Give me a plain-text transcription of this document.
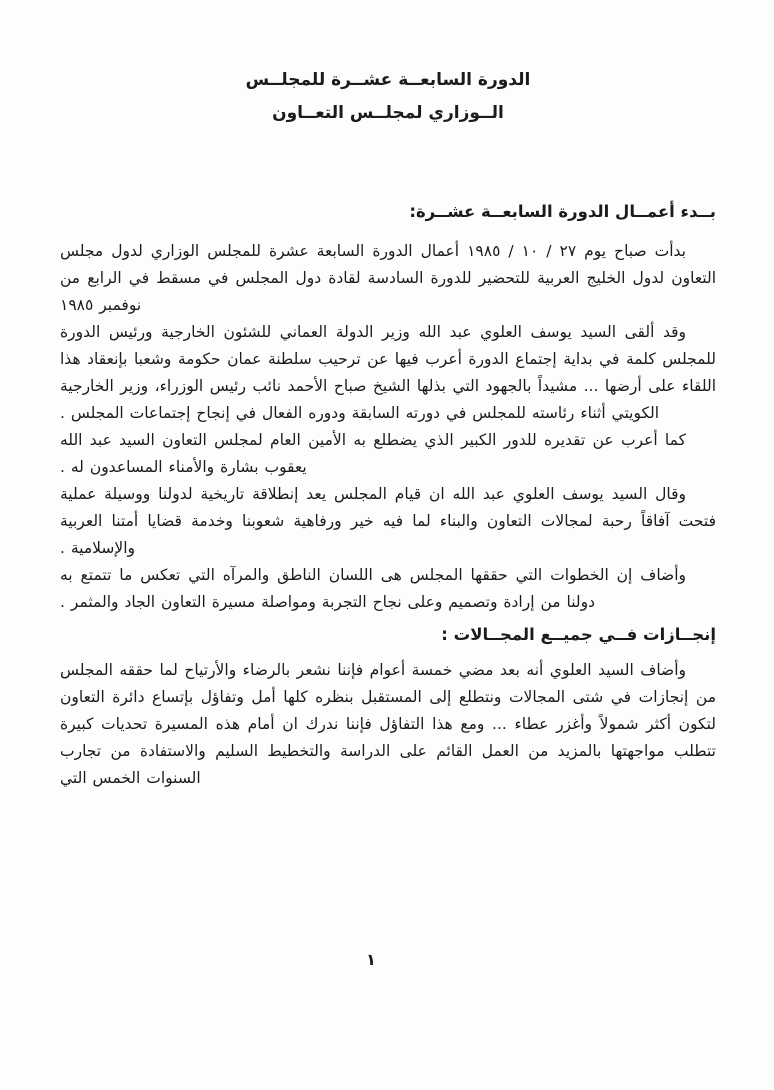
الدورة السابعــة عشــرة للمجلــس
الــوزاري لمجلــس التعــاون
بــدء أعمــال الدورة السابعــة عشــرة:

بدأت صباح يوم ٢٧ / ١٠ / ١٩٨٥ أعمال الدورة السابعة عشرة للمجلس الوزاري لدول مجلس التعاون لدول الخليج العربية للتحضير للدورة السادسة لقادة دول المجلس في مسقط في الرابع من نوفمبر ١٩٨٥

وقد ألقى السيد يوسف العلوي عبد الله وزير الدولة العماني للشئون الخارجية ورئيس الدورة للمجلس كلمة في بداية إجتماع الدورة أعرب فيها عن ترحيب سلطنة عمان حكومة وشعبا بإنعقاد هذا اللقاء على أرضها ... مشيداً بالجهود التي بذلها الشيخ صباح الأحمد نائب رئيس الوزراء، وزير الخارجية الكويتي أثناء رئاسته للمجلس في دورته السابقة ودوره الفعال في إنجاح إجتماعات المجلس .

كما أعرب عن تقديره للدور الكبير الذي يضطلع به الأمين العام لمجلس التعاون السيد عبد الله يعقوب بشارة والأمناء المساعدون له .

وقال السيد يوسف العلوي عبد الله ان قيام المجلس يعد إنطلاقة تاريخية لدولنا ووسيلة عملية فتحت آفاقاً رحبة لمجالات التعاون والبناء لما فيه خير ورفاهية شعوبنا وخدمة قضايا أمتنا العربية والإسلامية .

وأضاف إن الخطوات التي حققها المجلس هى اللسان الناطق والمرآه التي تعكس ما تتمتع به دولنا من إرادة وتصميم وعلى نجاح التجربة ومواصلة مسيرة التعاون الجاد والمثمر .

إنجــازات فــي جميــع المجــالات :

وأضاف السيد العلوي أنه بعد مضي خمسة أعوام فإننا نشعر بالرضاء والأرتياح لما حققه المجلس من إنجازات في شتى المجالات ونتطلع إلى المستقبل بنظره كلها أمل وتفاؤل بإتساع دائرة التعاون لتكون أكثر شمولاً وأغزر عطاء ... ومع هذا التفاؤل فإننا ندرك ان أمام هذه المسيرة تحديات كبيرة تتطلب مواجهتها بالمزيد من العمل القائم على الدراسة والتخطيط السليم والاستفادة من تجارب السنوات الخمس التي

١
